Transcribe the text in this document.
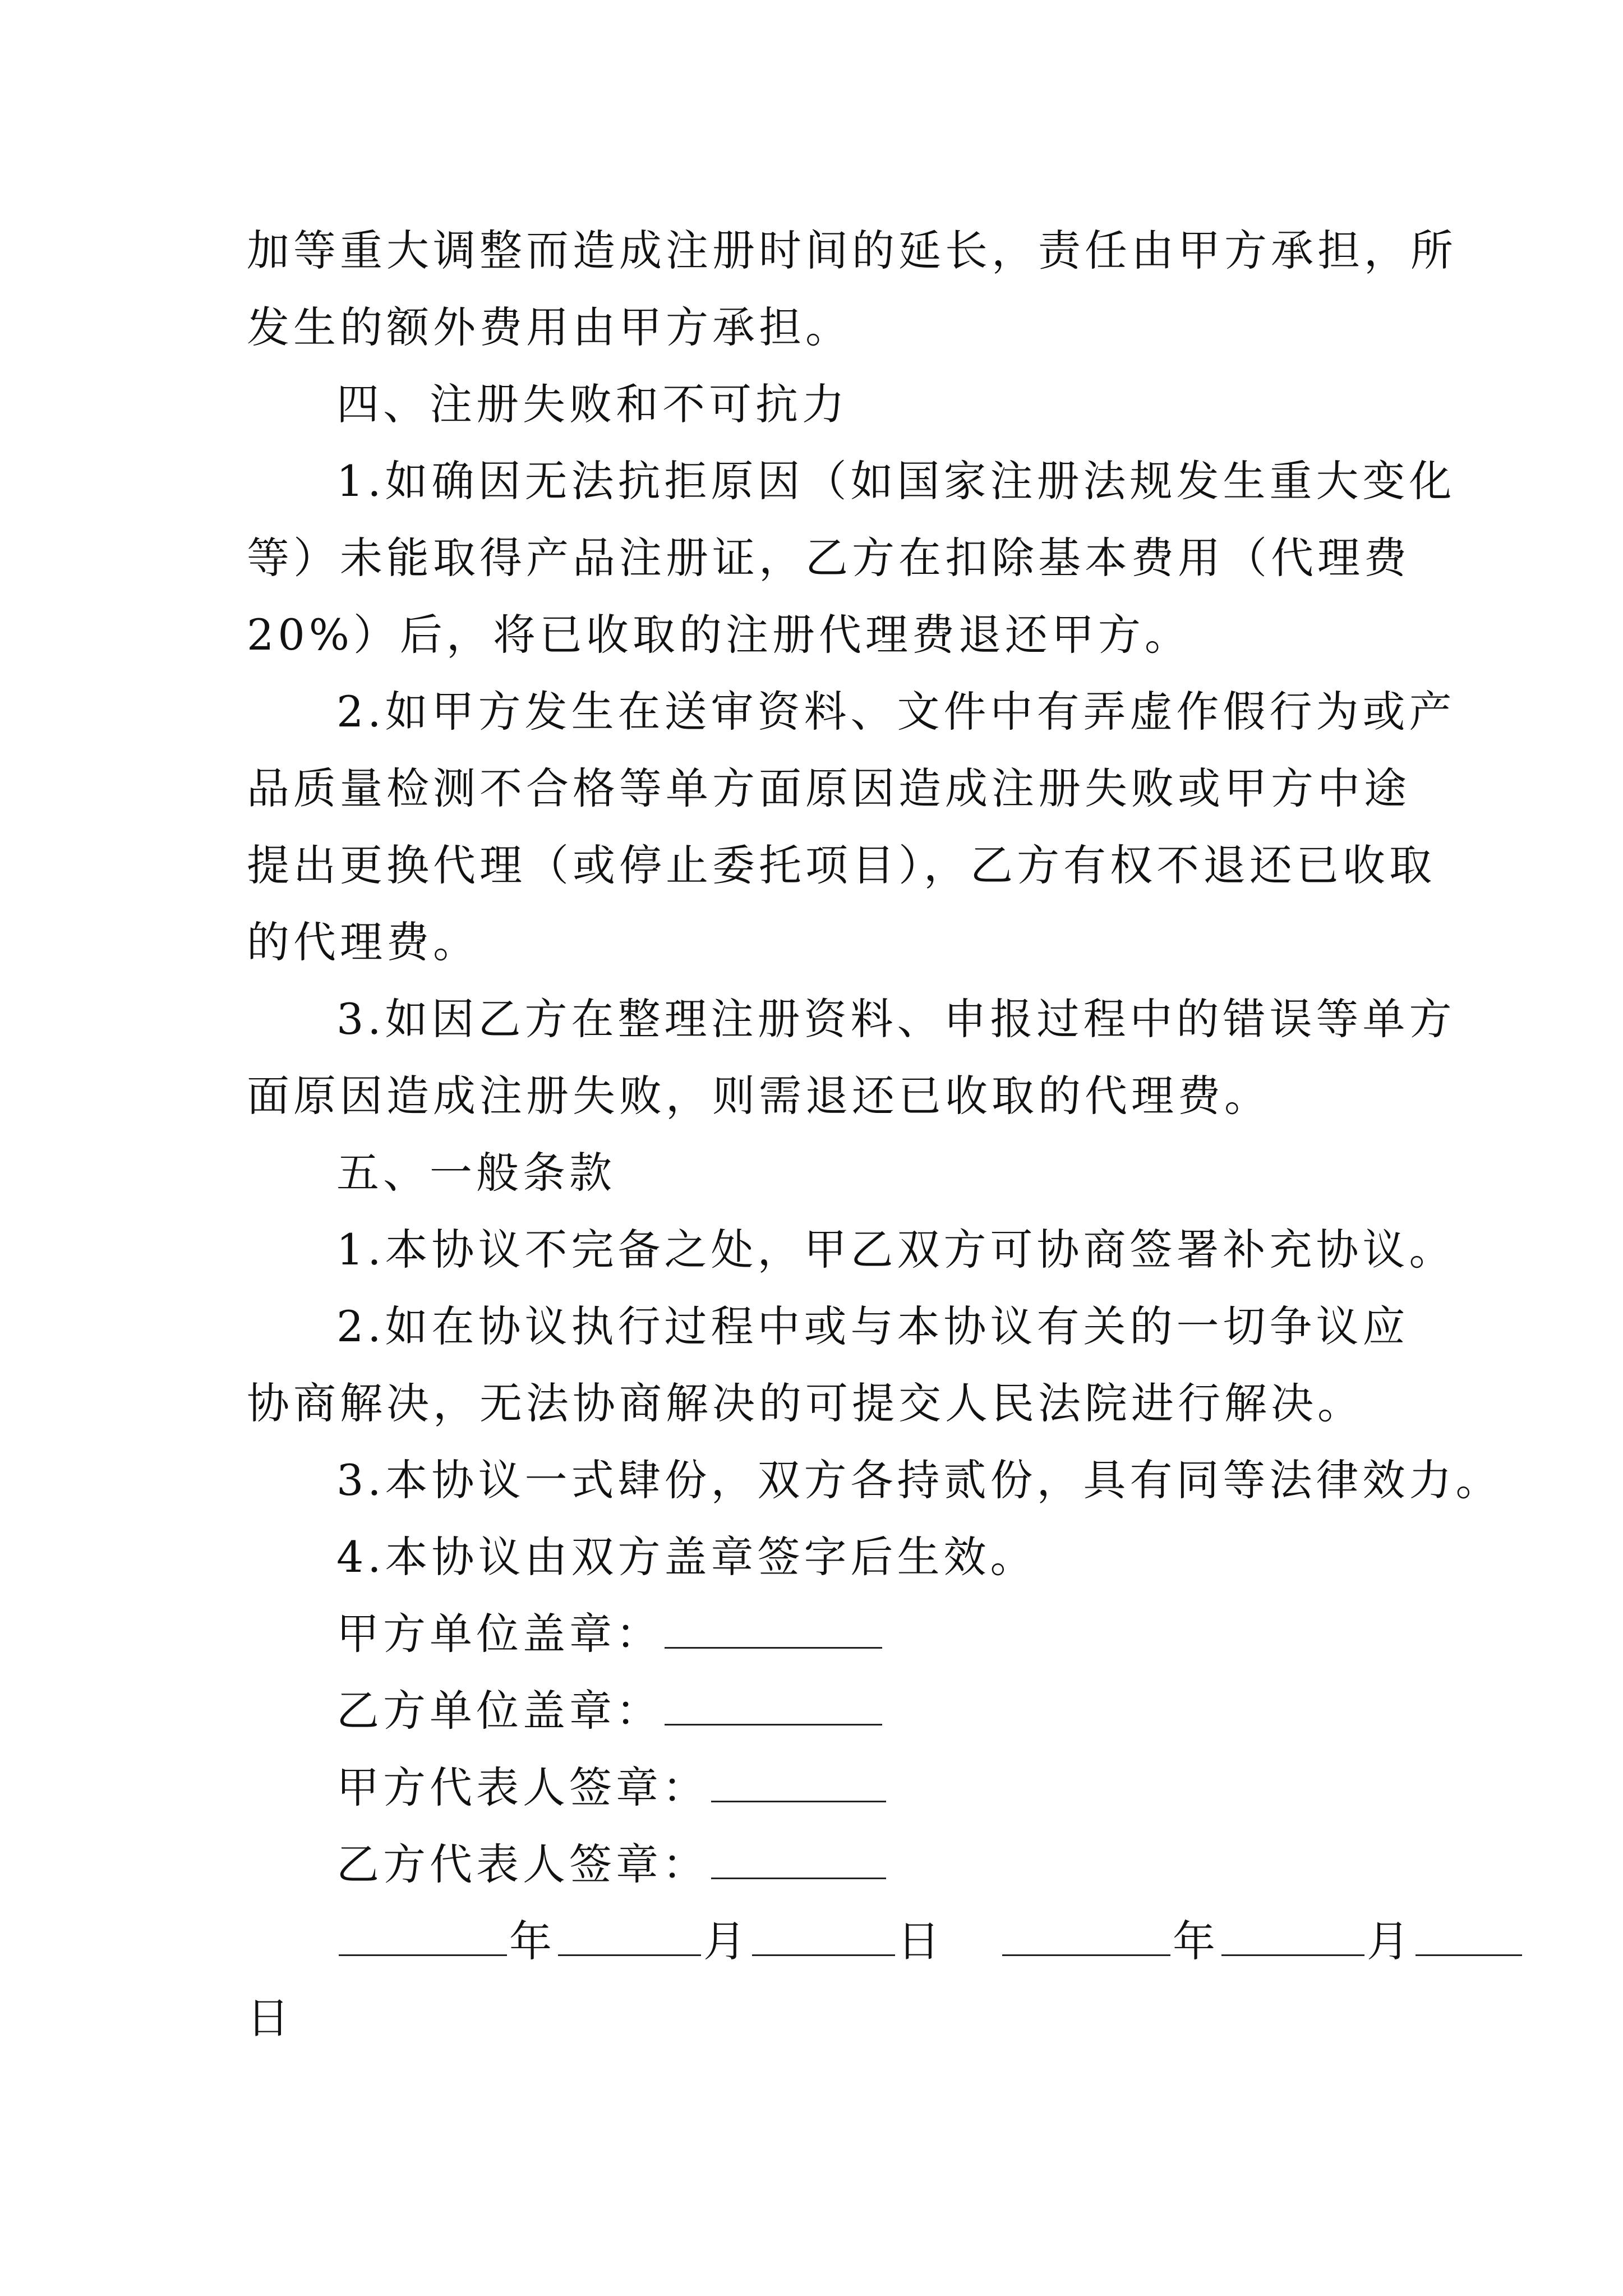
加等重大调整而造成注册时间的延长，责任由甲方承担，所
发生的额外费用由甲方承担。
四、注册失败和不可抗力
1.如确因无法抗拒原因（如国家注册法规发生重大变化
等）未能取得产品注册证，乙方在扣除基本费用（代理费
20%）后，将已收取的注册代理费退还甲方。
2.如甲方发生在送审资料、文件中有弄虚作假行为或产
品质量检测不合格等单方面原因造成注册失败或甲方中途
提出更换代理（或停止委托项目），乙方有权不退还已收取
的代理费。
3.如因乙方在整理注册资料、申报过程中的错误等单方
面原因造成注册失败，则需退还已收取的代理费。
五、一般条款
1.本协议不完备之处，甲乙双方可协商签署补充协议。
2.如在协议执行过程中或与本协议有关的一切争议应
协商解决，无法协商解决的可提交人民法院进行解决。
3.本协议一式肆份，双方各持贰份，具有同等法律效力。
4.本协议由双方盖章签字后生效。
甲方单位盖章：
乙方单位盖章：
甲方代表人签章：
乙方代表人签章：
年	月	日	年	月
日
